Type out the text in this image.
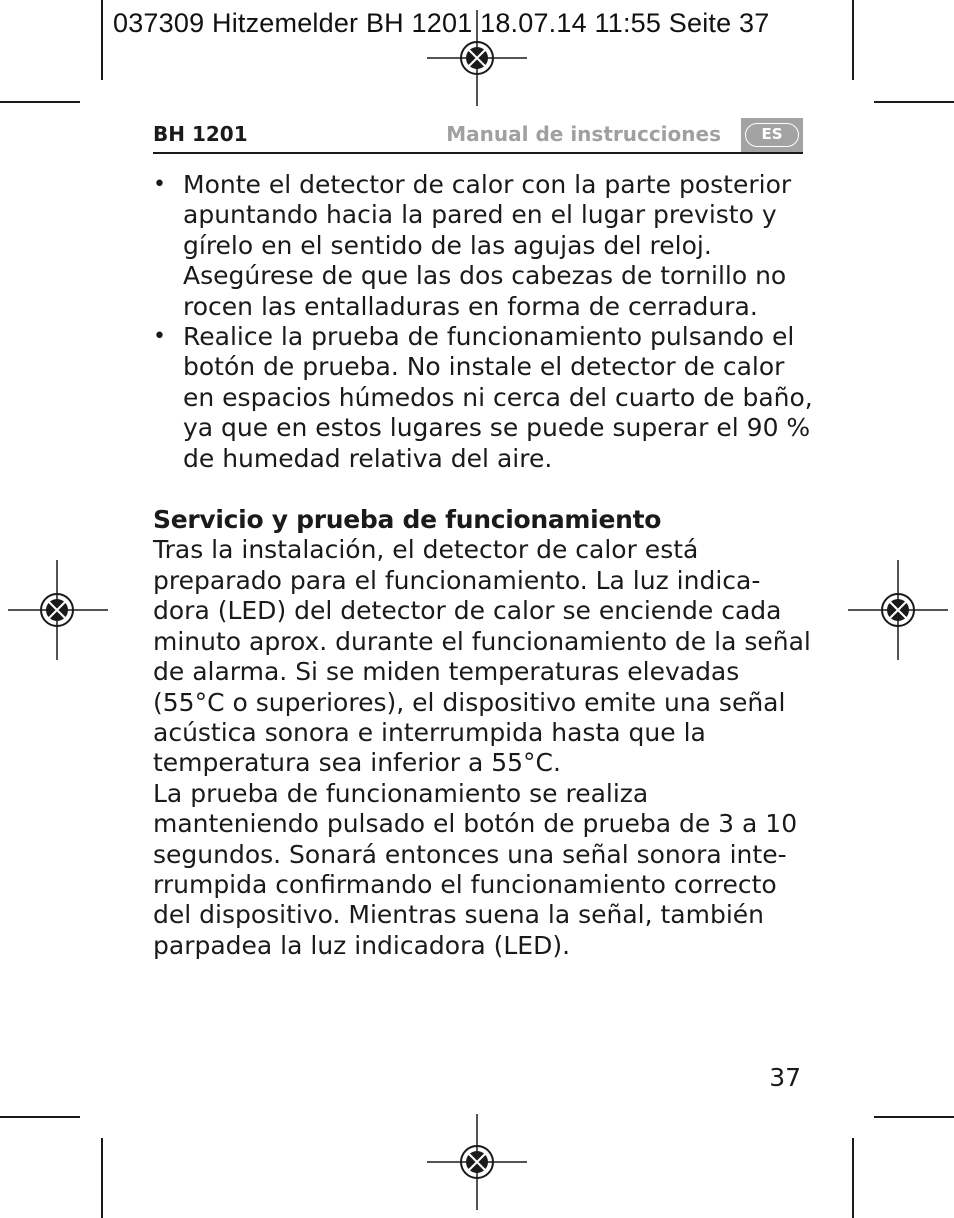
037309 Hitzemelder BH 1201 18.07.14 11:55 Seite 37
BH 1201	Manual de instrucciones	ES
• Monte el detector de calor con la parte posterior apuntando hacia la pared en el lugar previsto y gírelo en el sentido de las agujas del reloj. Asegúrese de que las dos cabezas de tornillo no rocen las entalladuras en forma de cerradura.
• Realice la prueba de funcionamiento pulsando el botón de prueba. No instale el detector de calor en espacios húmedos ni cerca del cuarto de baño, ya que en estos lugares se puede superar el 90 % de humedad relativa del aire.
Servicio y prueba de funcionamiento

Tras la instalación, el detector de calor está preparado para el funcionamiento. La luz indica-dora (LED) del detector de calor se enciende cada minuto aprox. durante el funcionamiento de la señal de alarma. Si se miden temperaturas elevadas (55°C o superiores), el dispositivo emite una señal acústica sonora e interrumpida hasta que la temperatura sea inferior a 55°C.

La prueba de funcionamiento se realiza manteniendo pulsado el botón de prueba de 3 a 10 segundos. Sonará entonces una señal sonora inte-rrumpida confirmando el funcionamiento correcto del dispositivo. Mientras suena la señal, también parpadea la luz indicadora (LED).

37
